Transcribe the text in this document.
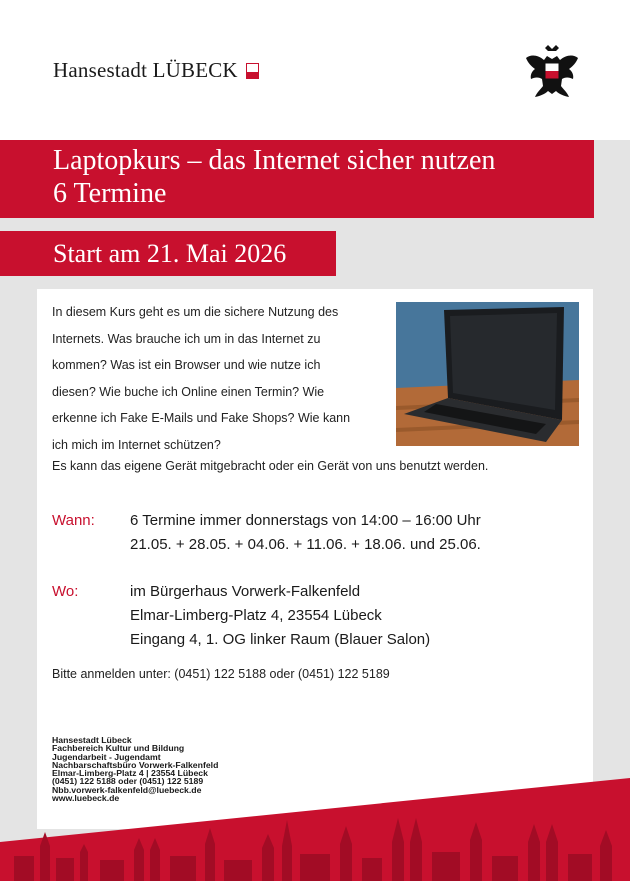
Hansestadt LÜBECK
Laptopkurs – das Internet sicher nutzen
6 Termine
Start am 21. Mai 2026
In diesem Kurs geht es um die sichere Nutzung des
Internets. Was brauche ich um in das Internet zu
kommen? Was ist ein Browser und wie nutze ich
diesen? Wie buche ich Online einen Termin? Wie
erkenne ich Fake E-Mails und Fake Shops? Wie kann
ich mich im Internet schützen?
Es kann das eigene Gerät mitgebracht oder ein Gerät von uns benutzt werden.
Wann: 6 Termine immer donnerstags von 14:00 – 16:00 Uhr
21.05. + 28.05. + 04.06. + 11.06. + 18.06. und 25.06.
Wo:	im Bürgerhaus Vorwerk-Falkenfeld
Elmar-Limberg-Platz 4, 23554 Lübeck
Eingang 4, 1. OG linker Raum (Blauer Salon)
Bitte anmelden unter: (0451) 122 5188 oder (0451) 122 5189
Hansestadt Lübeck
Fachbereich Kultur und Bildung
Jugendarbeit - Jugendamt
Nachbarschaftsbüro Vorwerk-Falkenfeld
Elmar-Limberg-Platz 4 | 23554 Lübeck
(0451) 122 5188 oder (0451) 122 5189
Nbb.vorwerk-falkenfeld@luebeck.de
www.luebeck.de
